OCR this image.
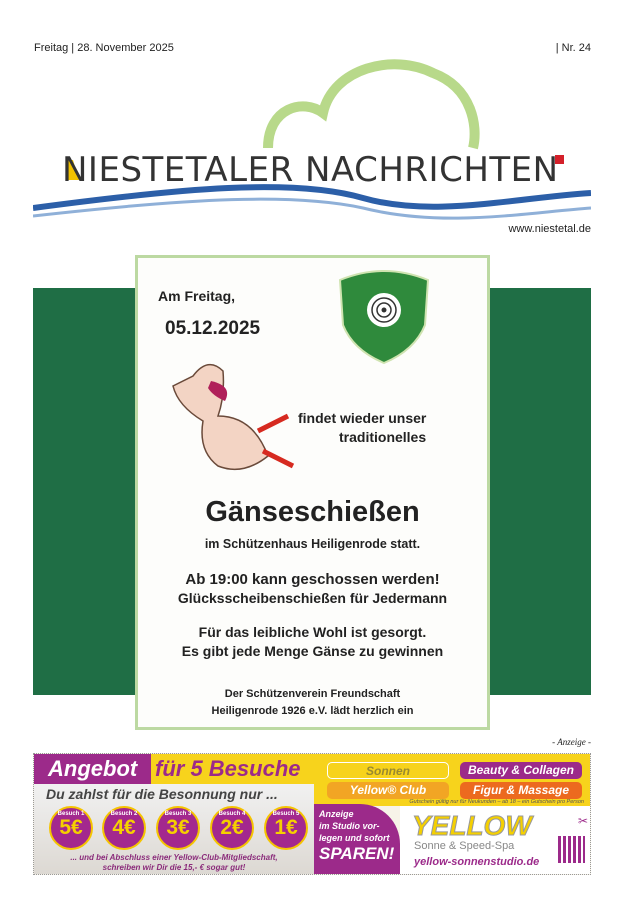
Freitag | 28. November 2025	| Nr. 24
NIESTETALER NACHRICHTEN
www.niestetal.de
Am Freitag,
05.12.2025
findet wieder unser
traditionelles
Gänseschießen
im Schützenhaus Heiligenrode statt.
Ab 19:00 kann geschossen werden!
Glücksscheibenschießen für Jedermann
Für das leibliche Wohl ist gesorgt.
Es gibt jede Menge Gänse zu gewinnen
Der Schützenverein Freundschaft
Heiligenrode 1926 e.V. lädt herzlich ein
- Anzeige -
Angebot für 5 Besuche
Du zahlst für die Besonnung nur ...
Besuch 1
5€
Besuch 2
4€
Besuch 3
3€
Besuch 4
2€
Besuch 5
1€
... und bei Abschluss einer Yellow-Club-Mitgliedschaft,
schreiben wir Dir die 15,- € sogar gut!
Sonnen	Beauty & Collagen
Yellow® Club	Figur & Massage
Gutschein gültig nur für Neukunden – ab 18 – ein Gutschein pro Person
Anzeige
im Studio vor-
legen und sofort
SPAREN!
YELLOW
Sonne & Speed-Spa
yellow-sonnenstudio.de
✂
